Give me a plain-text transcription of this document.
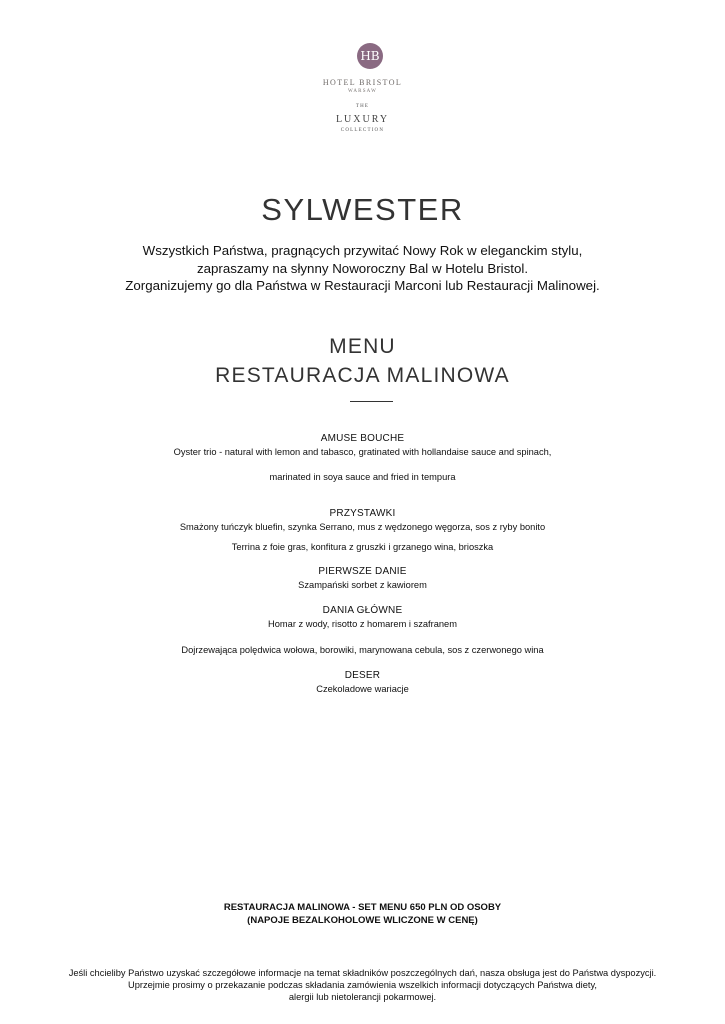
HB
HOTEL BRISTOL
WARSAW
THE
LUXURY
COLLECTION
SYLWESTER
Wszystkich Państwa, pragnących przywitać Nowy Rok w eleganckim stylu,
zapraszamy na słynny Noworoczny Bal w Hotelu Bristol.
Zorganizujemy go dla Państwa w Restauracji Marconi lub Restauracji Malinowej.
MENU
RESTAURACJA MALINOWA
AMUSE BOUCHE
Oyster trio - natural with lemon and tabasco, gratinated with hollandaise sauce and spinach,
marinated in soya sauce and fried in tempura
PRZYSTAWKI
Smażony tuńczyk bluefin, szynka Serrano, mus z wędzonego węgorza, sos z ryby bonito
Terrina z foie gras, konfitura z gruszki i grzanego wina, brioszka
PIERWSZE DANIE
Szampański sorbet z kawiorem
DANIA GŁÓWNE
Homar z wody, risotto z homarem i szafranem
Dojrzewająca polędwica wołowa, borowiki, marynowana cebula, sos z czerwonego wina
DESER
Czekoladowe wariacje
RESTAURACJA MALINOWA - SET MENU 650 PLN OD OSOBY
(NAPOJE BEZALKOHOLOWE WLICZONE W CENĘ)
Jeśli chcieliby Państwo uzyskać szczegółowe informacje na temat składników poszczególnych dań, nasza obsługa jest do Państwa dyspozycji.
Uprzejmie prosimy o przekazanie podczas składania zamówienia wszelkich informacji dotyczących Państwa diety,
alergii lub nietolerancji pokarmowej.
